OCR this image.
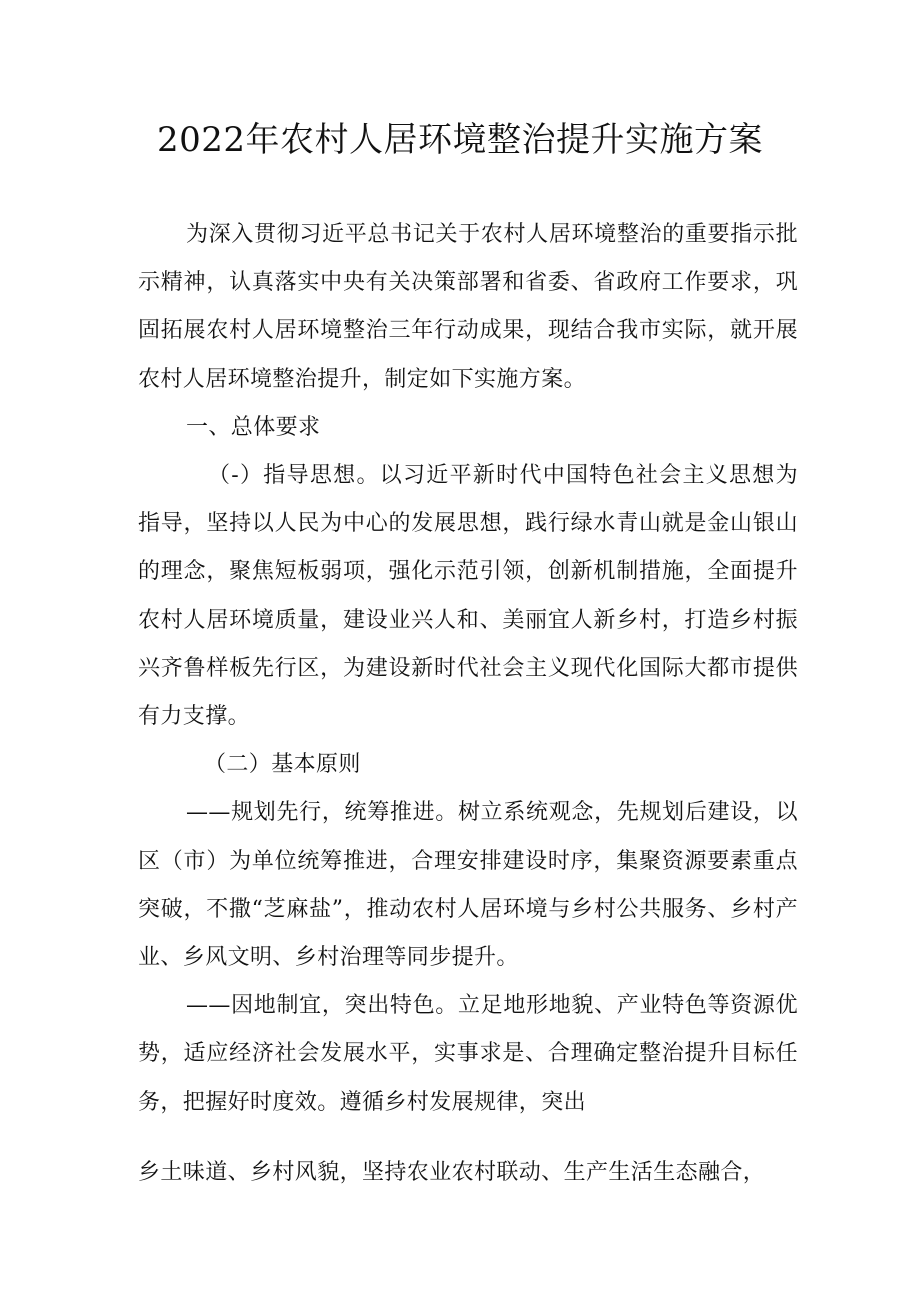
2022年农村人居环境整治提升实施方案

为深入贯彻习近平总书记关于农村人居环境整治的重要指示批示精神，认真落实中央有关决策部署和省委、省政府工作要求，巩固拓展农村人居环境整治三年行动成果，现结合我市实际，就开展农村人居环境整治提升，制定如下实施方案。

一、总体要求

（-）指导思想。以习近平新时代中国特色社会主义思想为指导，坚持以人民为中心的发展思想，践行绿水青山就是金山银山的理念，聚焦短板弱项，强化示范引领，创新机制措施，全面提升农村人居环境质量，建设业兴人和、美丽宜人新乡村，打造乡村振兴齐鲁样板先行区，为建设新时代社会主义现代化国际大都市提供有力支撑。

（二）基本原则

——规划先行，统筹推进。树立系统观念，先规划后建设，以区（市）为单位统筹推进，合理安排建设时序，集聚资源要素重点突破，不撒“芝麻盐”，推动农村人居环境与乡村公共服务、乡村产业、乡风文明、乡村治理等同步提升。

——因地制宜，突出特色。立足地形地貌、产业特色等资源优势，适应经济社会发展水平，实事求是、合理确定整治提升目标任务，把握好时度效。遵循乡村发展规律，突出

乡土味道、乡村风貌，坚持农业农村联动、生产生活生态融合，
